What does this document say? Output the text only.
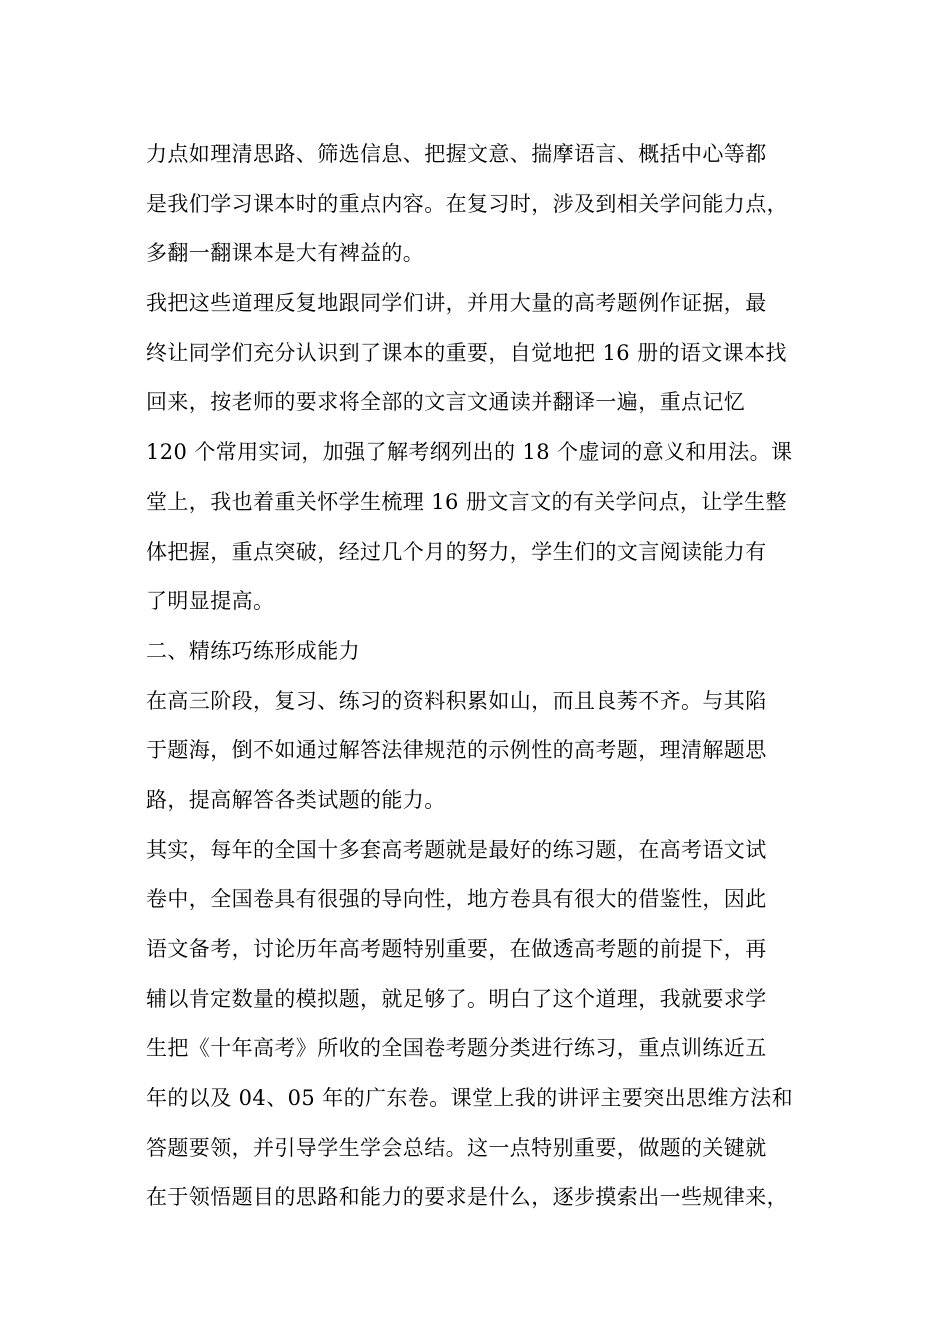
力点如理清思路、筛选信息、把握文意、揣摩语言、概括中心等都
是我们学习课本时的重点内容。在复习时，涉及到相关学问能力点，
多翻一翻课本是大有裨益的。
我把这些道理反复地跟同学们讲，并用大量的高考题例作证据，最
终让同学们充分认识到了课本的重要，自觉地把 16 册的语文课本找
回来，按老师的要求将全部的文言文通读并翻译一遍，重点记忆
120 个常用实词，加强了解考纲列出的 18 个虚词的意义和用法。课
堂上，我也着重关怀学生梳理 16 册文言文的有关学问点，让学生整
体把握，重点突破，经过几个月的努力，学生们的文言阅读能力有
了明显提高。
二、精练巧练形成能力
在高三阶段，复习、练习的资料积累如山，而且良莠不齐。与其陷
于题海，倒不如通过解答法律规范的示例性的高考题，理清解题思
路，提高解答各类试题的能力。
其实，每年的全国十多套高考题就是最好的练习题，在高考语文试
卷中，全国卷具有很强的导向性，地方卷具有很大的借鉴性，因此
语文备考，讨论历年高考题特别重要，在做透高考题的前提下，再
辅以肯定数量的模拟题，就足够了。明白了这个道理，我就要求学
生把《十年高考》所收的全国卷考题分类进行练习，重点训练近五
年的以及 04、05 年的广东卷。课堂上我的讲评主要突出思维方法和
答题要领，并引导学生学会总结。这一点特别重要，做题的关键就
在于领悟题目的思路和能力的要求是什么，逐步摸索出一些规律来，
